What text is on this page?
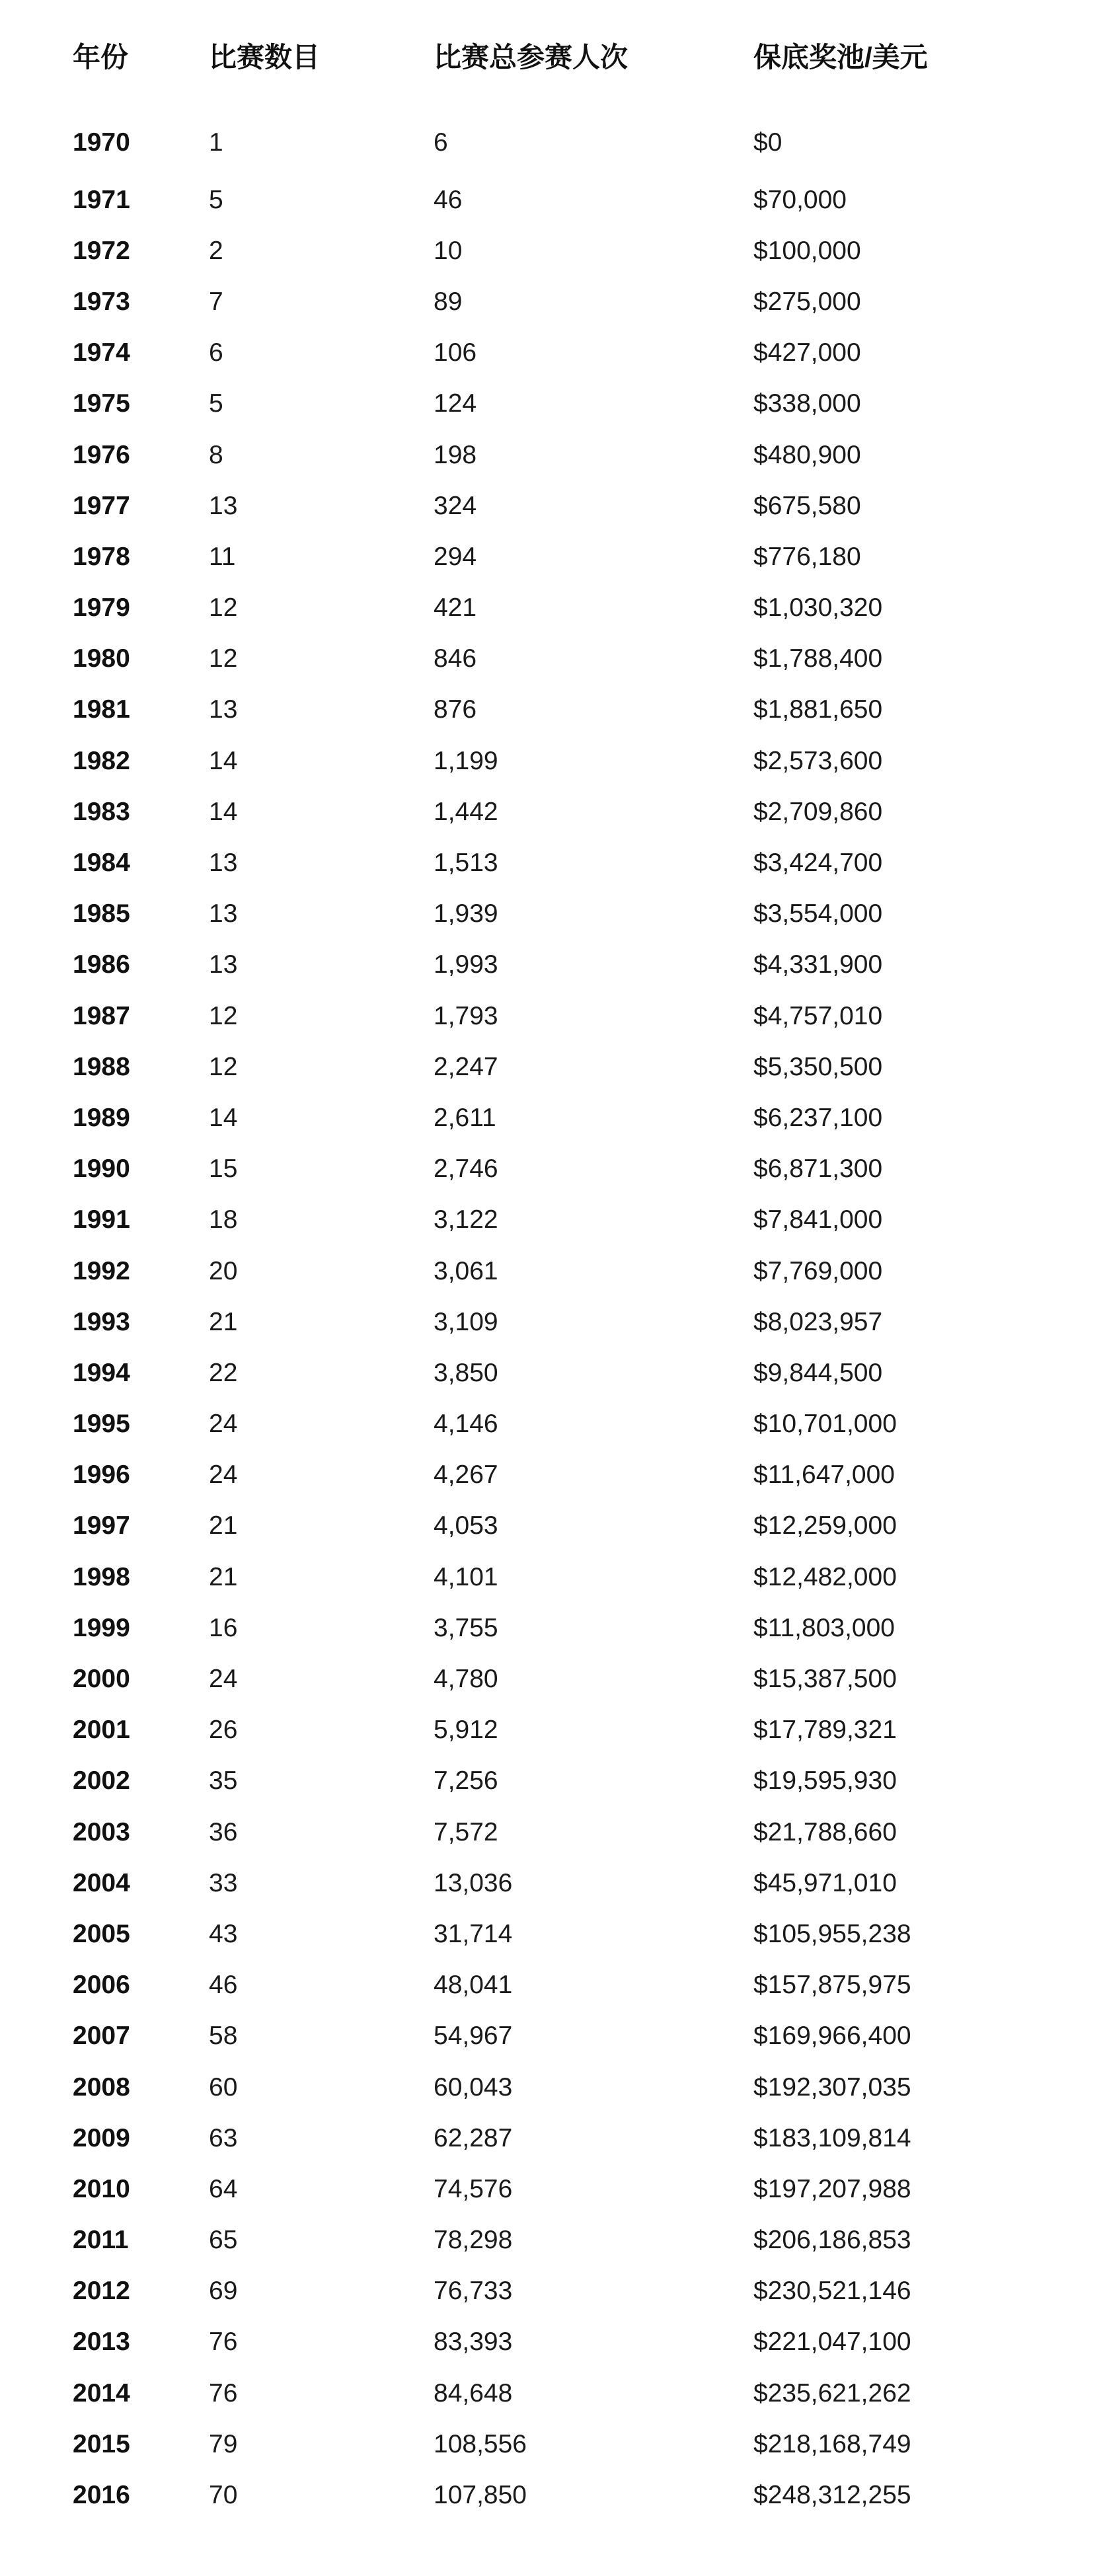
年份	比赛数目	比赛总参赛人次	保底奖池/美元
1970	1	6	$0
1971	5	46	$70,000
1972	2	10	$100,000
1973	7	89	$275,000
1974	6	106	$427,000
1975	5	124	$338,000
1976	8	198	$480,900
1977	13	324	$675,580
1978	11	294	$776,180
1979	12	421	$1,030,320
1980	12	846	$1,788,400
1981	13	876	$1,881,650
1982	14	1,199	$2,573,600
1983	14	1,442	$2,709,860
1984	13	1,513	$3,424,700
1985	13	1,939	$3,554,000
1986	13	1,993	$4,331,900
1987	12	1,793	$4,757,010
1988	12	2,247	$5,350,500
1989	14	2,611	$6,237,100
1990	15	2,746	$6,871,300
1991	18	3,122	$7,841,000
1992	20	3,061	$7,769,000
1993	21	3,109	$8,023,957
1994	22	3,850	$9,844,500
1995	24	4,146	$10,701,000
1996	24	4,267	$11,647,000
1997	21	4,053	$12,259,000
1998	21	4,101	$12,482,000
1999	16	3,755	$11,803,000
2000	24	4,780	$15,387,500
2001	26	5,912	$17,789,321
2002	35	7,256	$19,595,930
2003	36	7,572	$21,788,660
2004	33	13,036	$45,971,010
2005	43	31,714	$105,955,238
2006	46	48,041	$157,875,975
2007	58	54,967	$169,966,400
2008	60	60,043	$192,307,035
2009	63	62,287	$183,109,814
2010	64	74,576	$197,207,988
2011	65	78,298	$206,186,853
2012	69	76,733	$230,521,146
2013	76	83,393	$221,047,100
2014	76	84,648	$235,621,262
2015	79	108,556	$218,168,749
2016	70	107,850	$248,312,255
